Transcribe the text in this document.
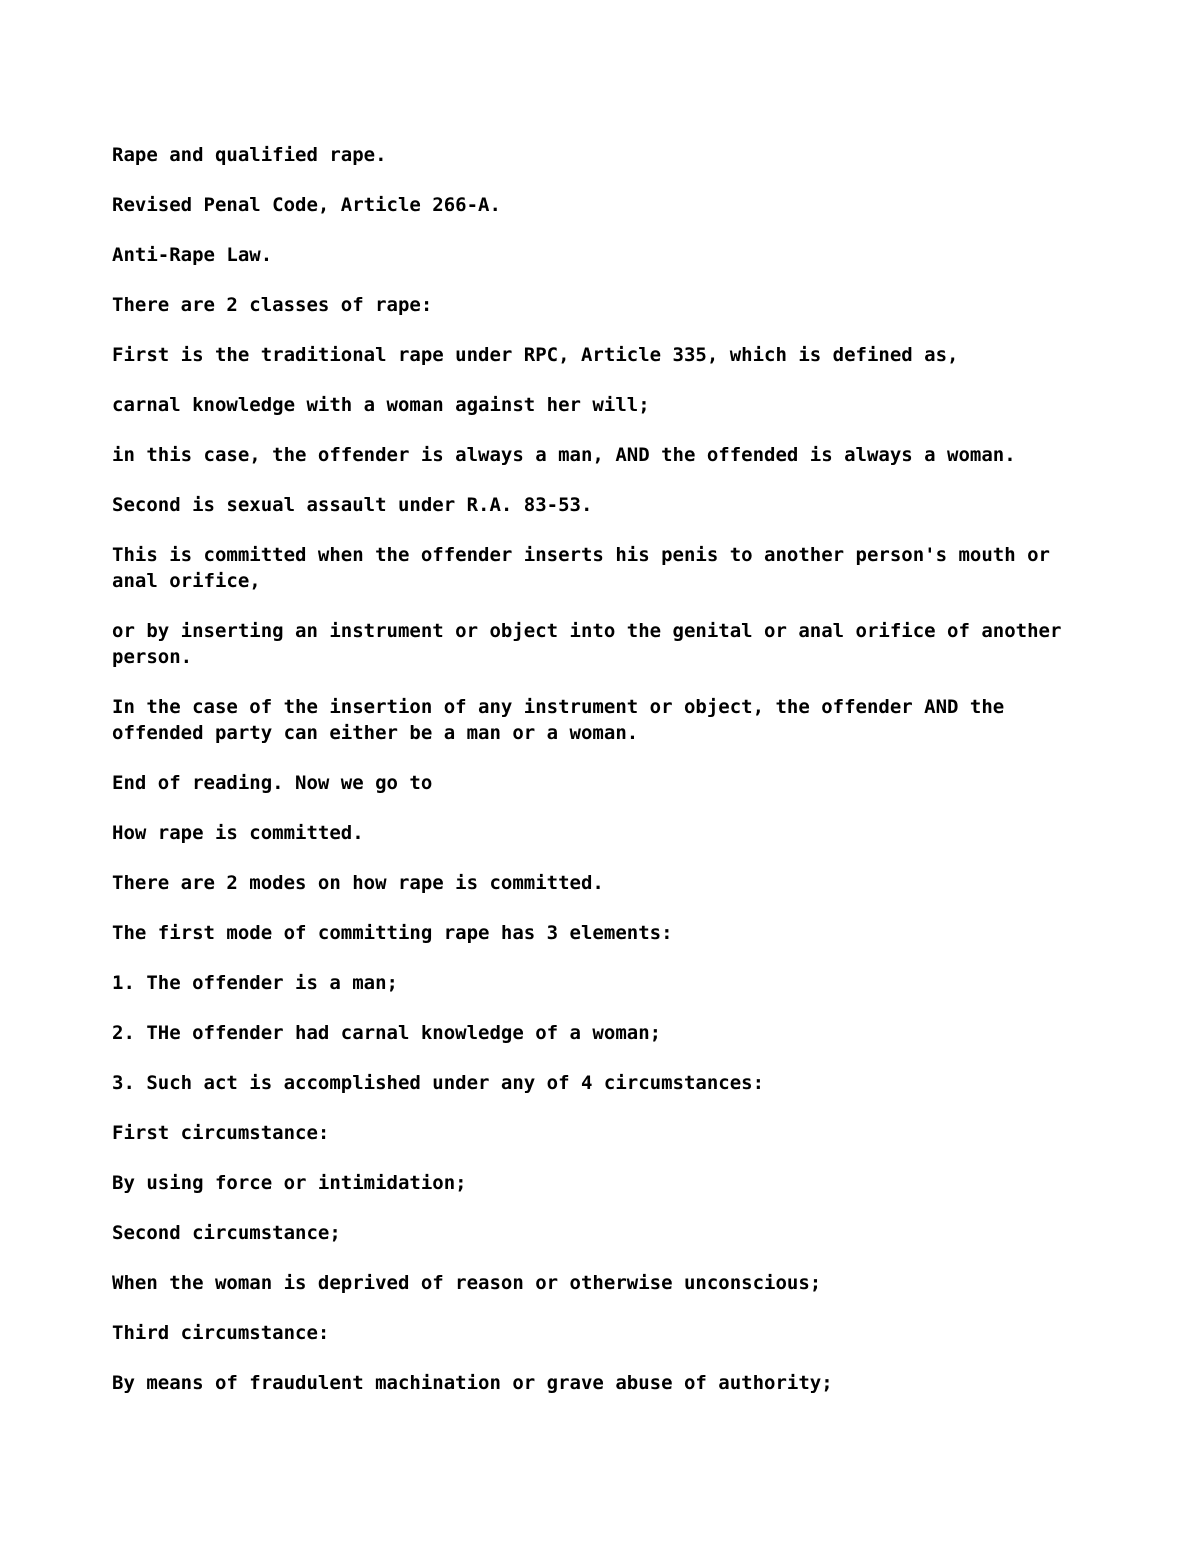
Rape and qualified rape.

Revised Penal Code, Article 266-A.

Anti-Rape Law.

There are 2 classes of rape:

First is the traditional rape under RPC, Article 335, which is defined as,

carnal knowledge with a woman against her will;

in this case, the offender is always a man, AND the offended is always a woman.

Second is sexual assault under R.A. 83-53.

This is committed when the offender inserts his penis to another person's mouth or anal orifice,

or by inserting an instrument or object into the genital or anal orifice of another person.

In the case of the insertion of any instrument or object, the offender AND the offended party can either be a man or a woman.

End of reading. Now we go to

How rape is committed.

There are 2 modes on how rape is committed.

The first mode of committing rape has 3 elements:

1. The offender is a man;

2. THe offender had carnal knowledge of a woman;

3. Such act is accomplished under any of 4 circumstances:

First circumstance:

By using force or intimidation;

Second circumstance;

When the woman is deprived of reason or otherwise unconscious;

Third circumstance:

By means of fraudulent machination or grave abuse of authority;
